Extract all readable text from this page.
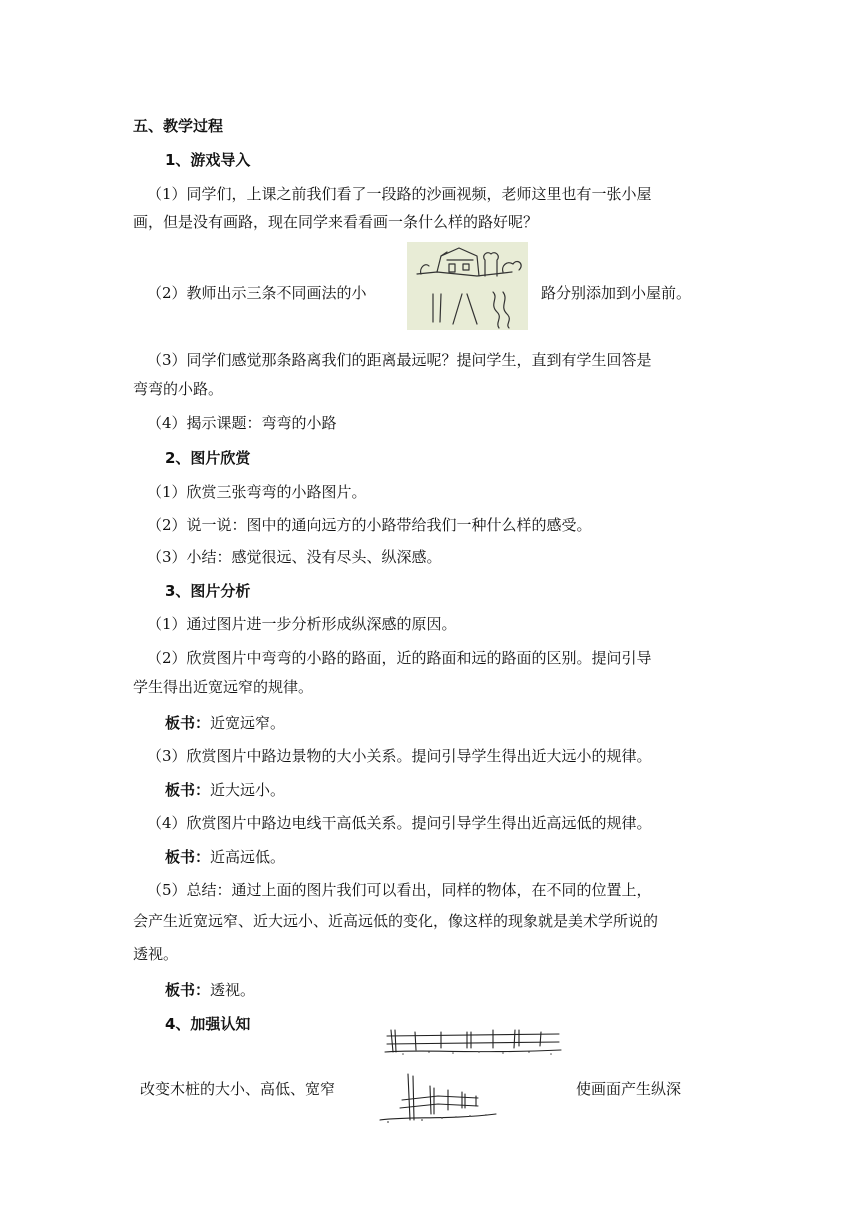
五、教学过程
1、游戏导入
（1）同学们，上课之前我们看了一段路的沙画视频，老师这里也有一张小屋
画，但是没有画路，现在同学来看看画一条什么样的路好呢？
（2）教师出示三条不同画法的小	路分别添加到小屋前。
（3）同学们感觉那条路离我们的距离最远呢？提问学生，直到有学生回答是
弯弯的小路。
（4）揭示课题：弯弯的小路
2、图片欣赏
（1）欣赏三张弯弯的小路图片。
（2）说一说：图中的通向远方的小路带给我们一种什么样的感受。
（3）小结：感觉很远、没有尽头、纵深感。
3、图片分析
（1）通过图片进一步分析形成纵深感的原因。
（2）欣赏图片中弯弯的小路的路面，近的路面和远的路面的区别。提问引导
学生得出近宽远窄的规律。
板书：近宽远窄。
（3）欣赏图片中路边景物的大小关系。提问引导学生得出近大远小的规律。
板书：近大远小。
（4）欣赏图片中路边电线干高低关系。提问引导学生得出近高远低的规律。
板书：近高远低。
（5）总结：通过上面的图片我们可以看出，同样的物体，在不同的位置上，
会产生近宽远窄、近大远小、近高远低的变化，像这样的现象就是美术学所说的
透视。
板书：透视。
4、加强认知
改变木桩的大小、高低、宽窄	使画面产生纵深
